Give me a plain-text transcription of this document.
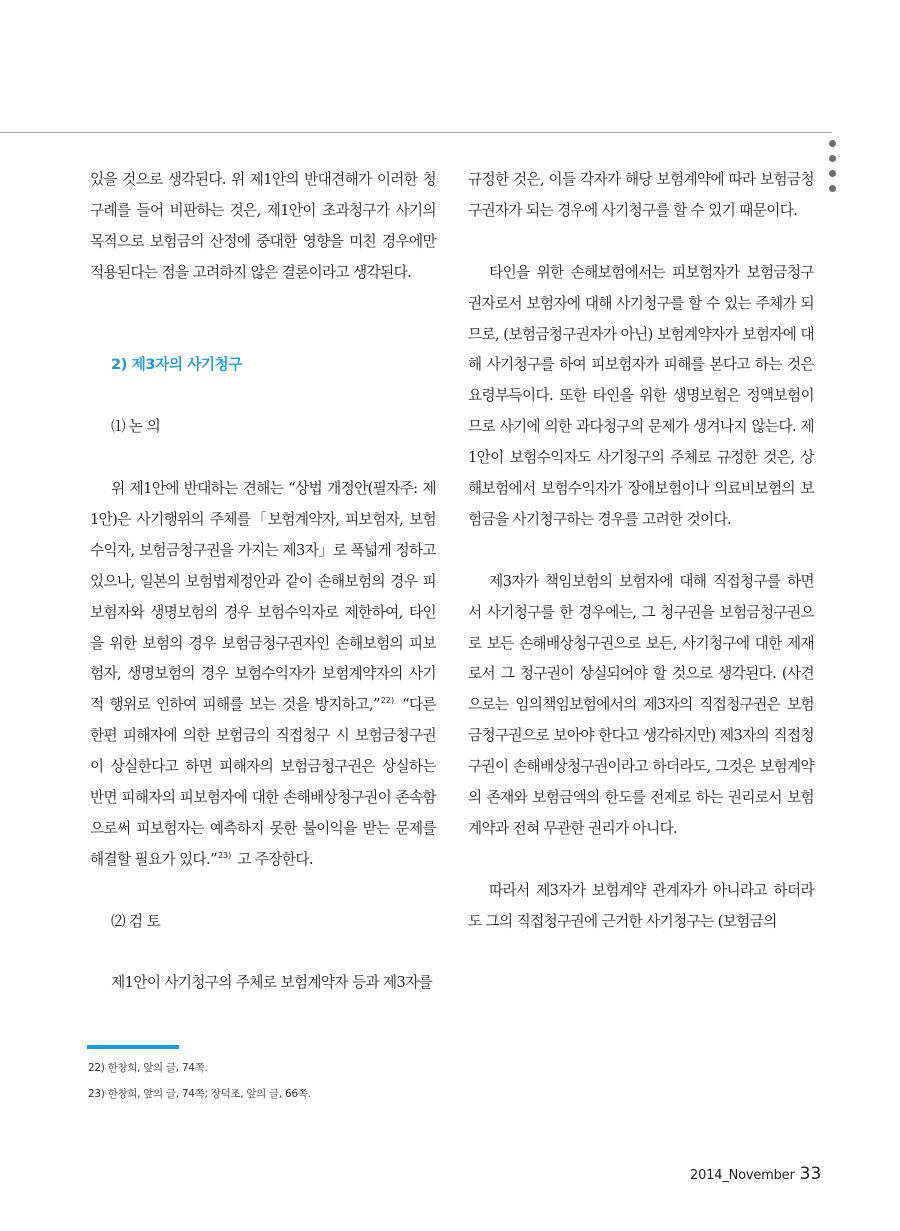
있을 것으로 생각된다. 위 제1안의 반대견해가 이러한 청구례를 들어 비판하는 것은, 제1안이 초과청구가 사기의 목적으로 보험금의 산정에 중대한 영향을 미친 경우에만 적용된다는 점을 고려하지 않은 결론이라고 생각된다.

2) 제3자의 사기청구

⑴ 논 의

위 제1안에 반대하는 견해는 “상법 개정안(필자주: 제1안)은 사기행위의 주체를「보험계약자, 피보험자, 보험수익자, 보험금청구권을 가지는 제3자」로 폭넓게 정하고 있으나, 일본의 보험법제정안과 같이 손해보험의 경우 피보험자와 생명보험의 경우 보험수익자로 제한하여, 타인을 위한 보험의 경우 보험금청구권자인 손해보험의 피보험자, 생명보험의 경우 보험수익자가 보험계약자의 사기적 행위로 인하여 피해를 보는 것을 방지하고,”$^{22)}$ “다른 한편 피해자에 의한 보험금의 직접청구 시 보험금청구권이 상실한다고 하면 피해자의 보험금청구권은 상실하는 반면 피해자의 피보험자에 대한 손해배상청구권이 존속함으로써 피보험자는 예측하지 못한 불이익을 받는 문제를 해결할 필요가 있다.”$^{23)}$ 고 주장한다.

⑵ 검 토

제1안이 사기청구의 주체로 보험계약자 등과 제3자를

규정한 것은, 이들 각자가 해당 보험계약에 따라 보험금청구권자가 되는 경우에 사기청구를 할 수 있기 때문이다.

타인을 위한 손해보험에서는 피보험자가 보험금청구권자로서 보험자에 대해 사기청구를 할 수 있는 주체가 되므로, (보험금청구권자가 아닌) 보험계약자가 보험자에 대해 사기청구를 하여 피보험자가 피해를 본다고 하는 것은 요령부득이다. 또한 타인을 위한 생명보험은 정액보험이므로 사기에 의한 과다청구의 문제가 생겨나지 않는다. 제1안이 보험수익자도 사기청구의 주체로 규정한 것은, 상해보험에서 보험수익자가 장애보험이나 의료비보험의 보험금을 사기청구하는 경우를 고려한 것이다.

제3자가 책임보험의 보험자에 대해 직접청구를 하면서 사기청구를 한 경우에는, 그 청구권을 보험금청구권으로 보든 손해배상청구권으로 보든, 사기청구에 대한 제재로서 그 청구권이 상실되어야 할 것으로 생각된다. (사견으로는 임의책임보험에서의 제3자의 직접청구권은 보험금청구권으로 보아야 한다고 생각하지만) 제3자의 직접청구권이 손해배상청구권이라고 하더라도, 그것은 보험계약의 존재와 보험금액의 한도를 전제로 하는 권리로서 보험계약과 전혀 무관한 권리가 아니다.

따라서 제3자가 보험계약 관계자가 아니라고 하더라도 그의 직접청구권에 근거한 사기청구는 (보험금의

22) 한창희, 앞의 글, 74쪽.
23) 한창희, 앞의 글, 74쪽; 장덕조, 앞의 글, 66쪽.
2014_November 33
